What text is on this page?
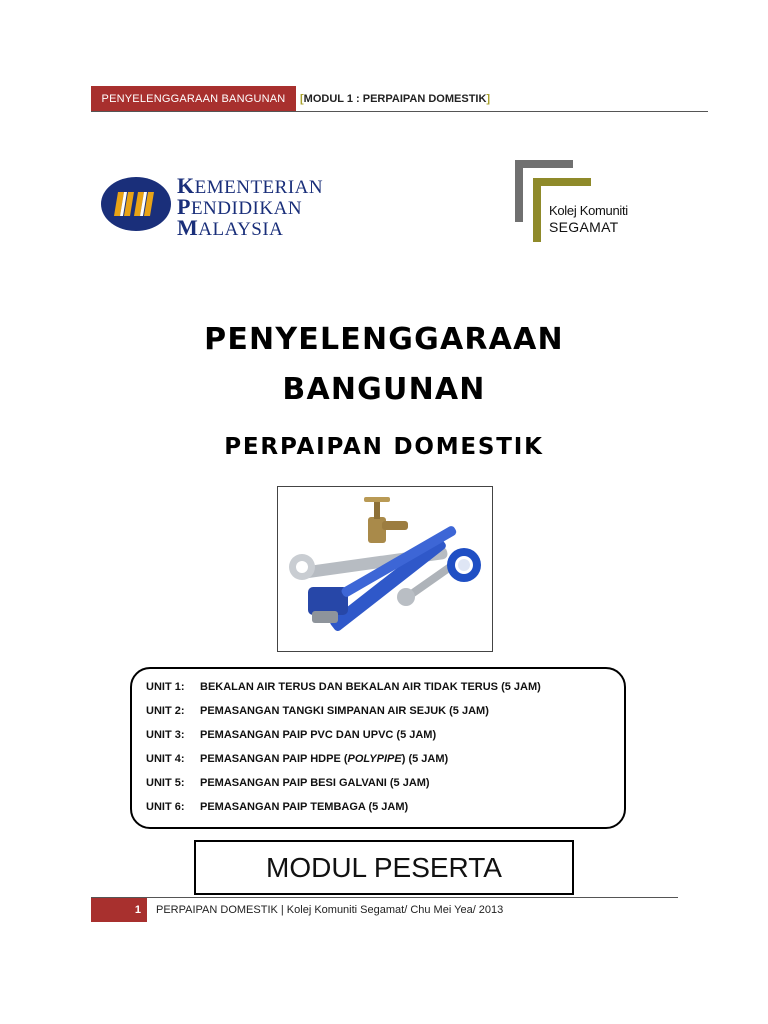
PENYELENGGARAAN BANGUNAN	[MODUL 1 : PERPAIPAN DOMESTIK]
KEMENTERIAN
PENDIDIKAN
MALAYSIA
Kolej Komuniti
SEGAMAT
PENYELENGGARAAN
BANGUNAN
PERPAIPAN DOMESTIK
UNIT 1: BEKALAN AIR TERUS DAN BEKALAN AIR TIDAK TERUS (5 JAM)
UNIT 2: PEMASANGAN TANGKI SIMPANAN AIR SEJUK (5 JAM)
UNIT 3: PEMASANGAN PAIP PVC DAN UPVC (5 JAM)
UNIT 4: PEMASANGAN PAIP HDPE (POLYPIPE) (5 JAM)
UNIT 5: PEMASANGAN PAIP BESI GALVANI (5 JAM)
UNIT 6: PEMASANGAN PAIP TEMBAGA (5 JAM)
MODUL PESERTA
1	PERPAIPAN DOMESTIK | Kolej Komuniti Segamat/ Chu Mei Yea/ 2013
